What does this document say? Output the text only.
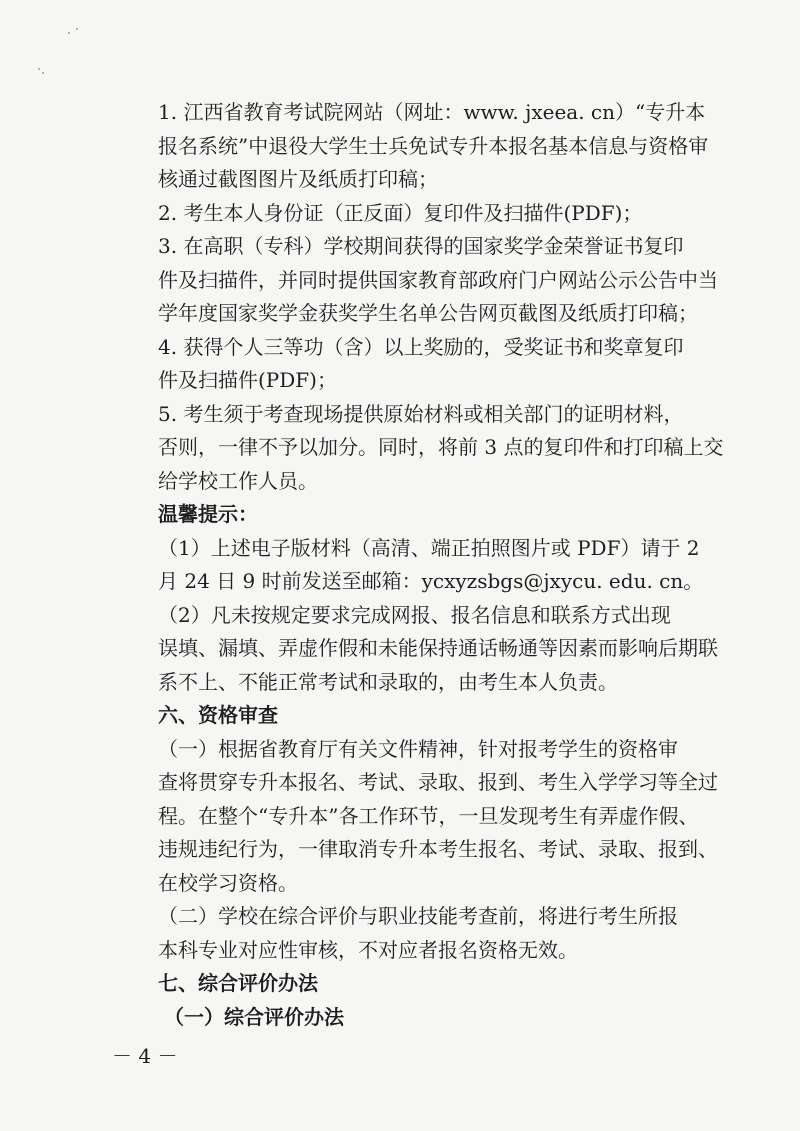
1. 江西省教育考试院网站（网址：www. jxeea. cn）“专升本
报名系统”中退役大学生士兵免试专升本报名基本信息与资格审
核通过截图图片及纸质打印稿；

2. 考生本人身份证（正反面）复印件及扫描件(PDF)；

3. 在高职（专科）学校期间获得的国家奖学金荣誉证书复印
件及扫描件，并同时提供国家教育部政府门户网站公示公告中当
学年度国家奖学金获奖学生名单公告网页截图及纸质打印稿；

4. 获得个人三等功（含）以上奖励的，受奖证书和奖章复印
件及扫描件(PDF)；

5. 考生须于考查现场提供原始材料或相关部门的证明材料，
否则，一律不予以加分。同时，将前 3 点的复印件和打印稿上交
给学校工作人员。

温馨提示：

（1）上述电子版材料（高清、端正拍照图片或 PDF）请于 2
月 24 日 9 时前发送至邮箱：ycxyzsbgs@jxycu. edu. cn。

（2）凡未按规定要求完成网报、报名信息和联系方式出现
误填、漏填、弄虚作假和未能保持通话畅通等因素而影响后期联
系不上、不能正常考试和录取的，由考生本人负责。

六、资格审查

（一）根据省教育厅有关文件精神，针对报考学生的资格审
查将贯穿专升本报名、考试、录取、报到、考生入学学习等全过
程。在整个“专升本”各工作环节，一旦发现考生有弄虚作假、
违规违纪行为，一律取消专升本考生报名、考试、录取、报到、
在校学习资格。

（二）学校在综合评价与职业技能考查前，将进行考生所报
本科专业对应性审核，不对应者报名资格无效。

七、综合评价办法

（一）综合评价办法

－ 4 －
